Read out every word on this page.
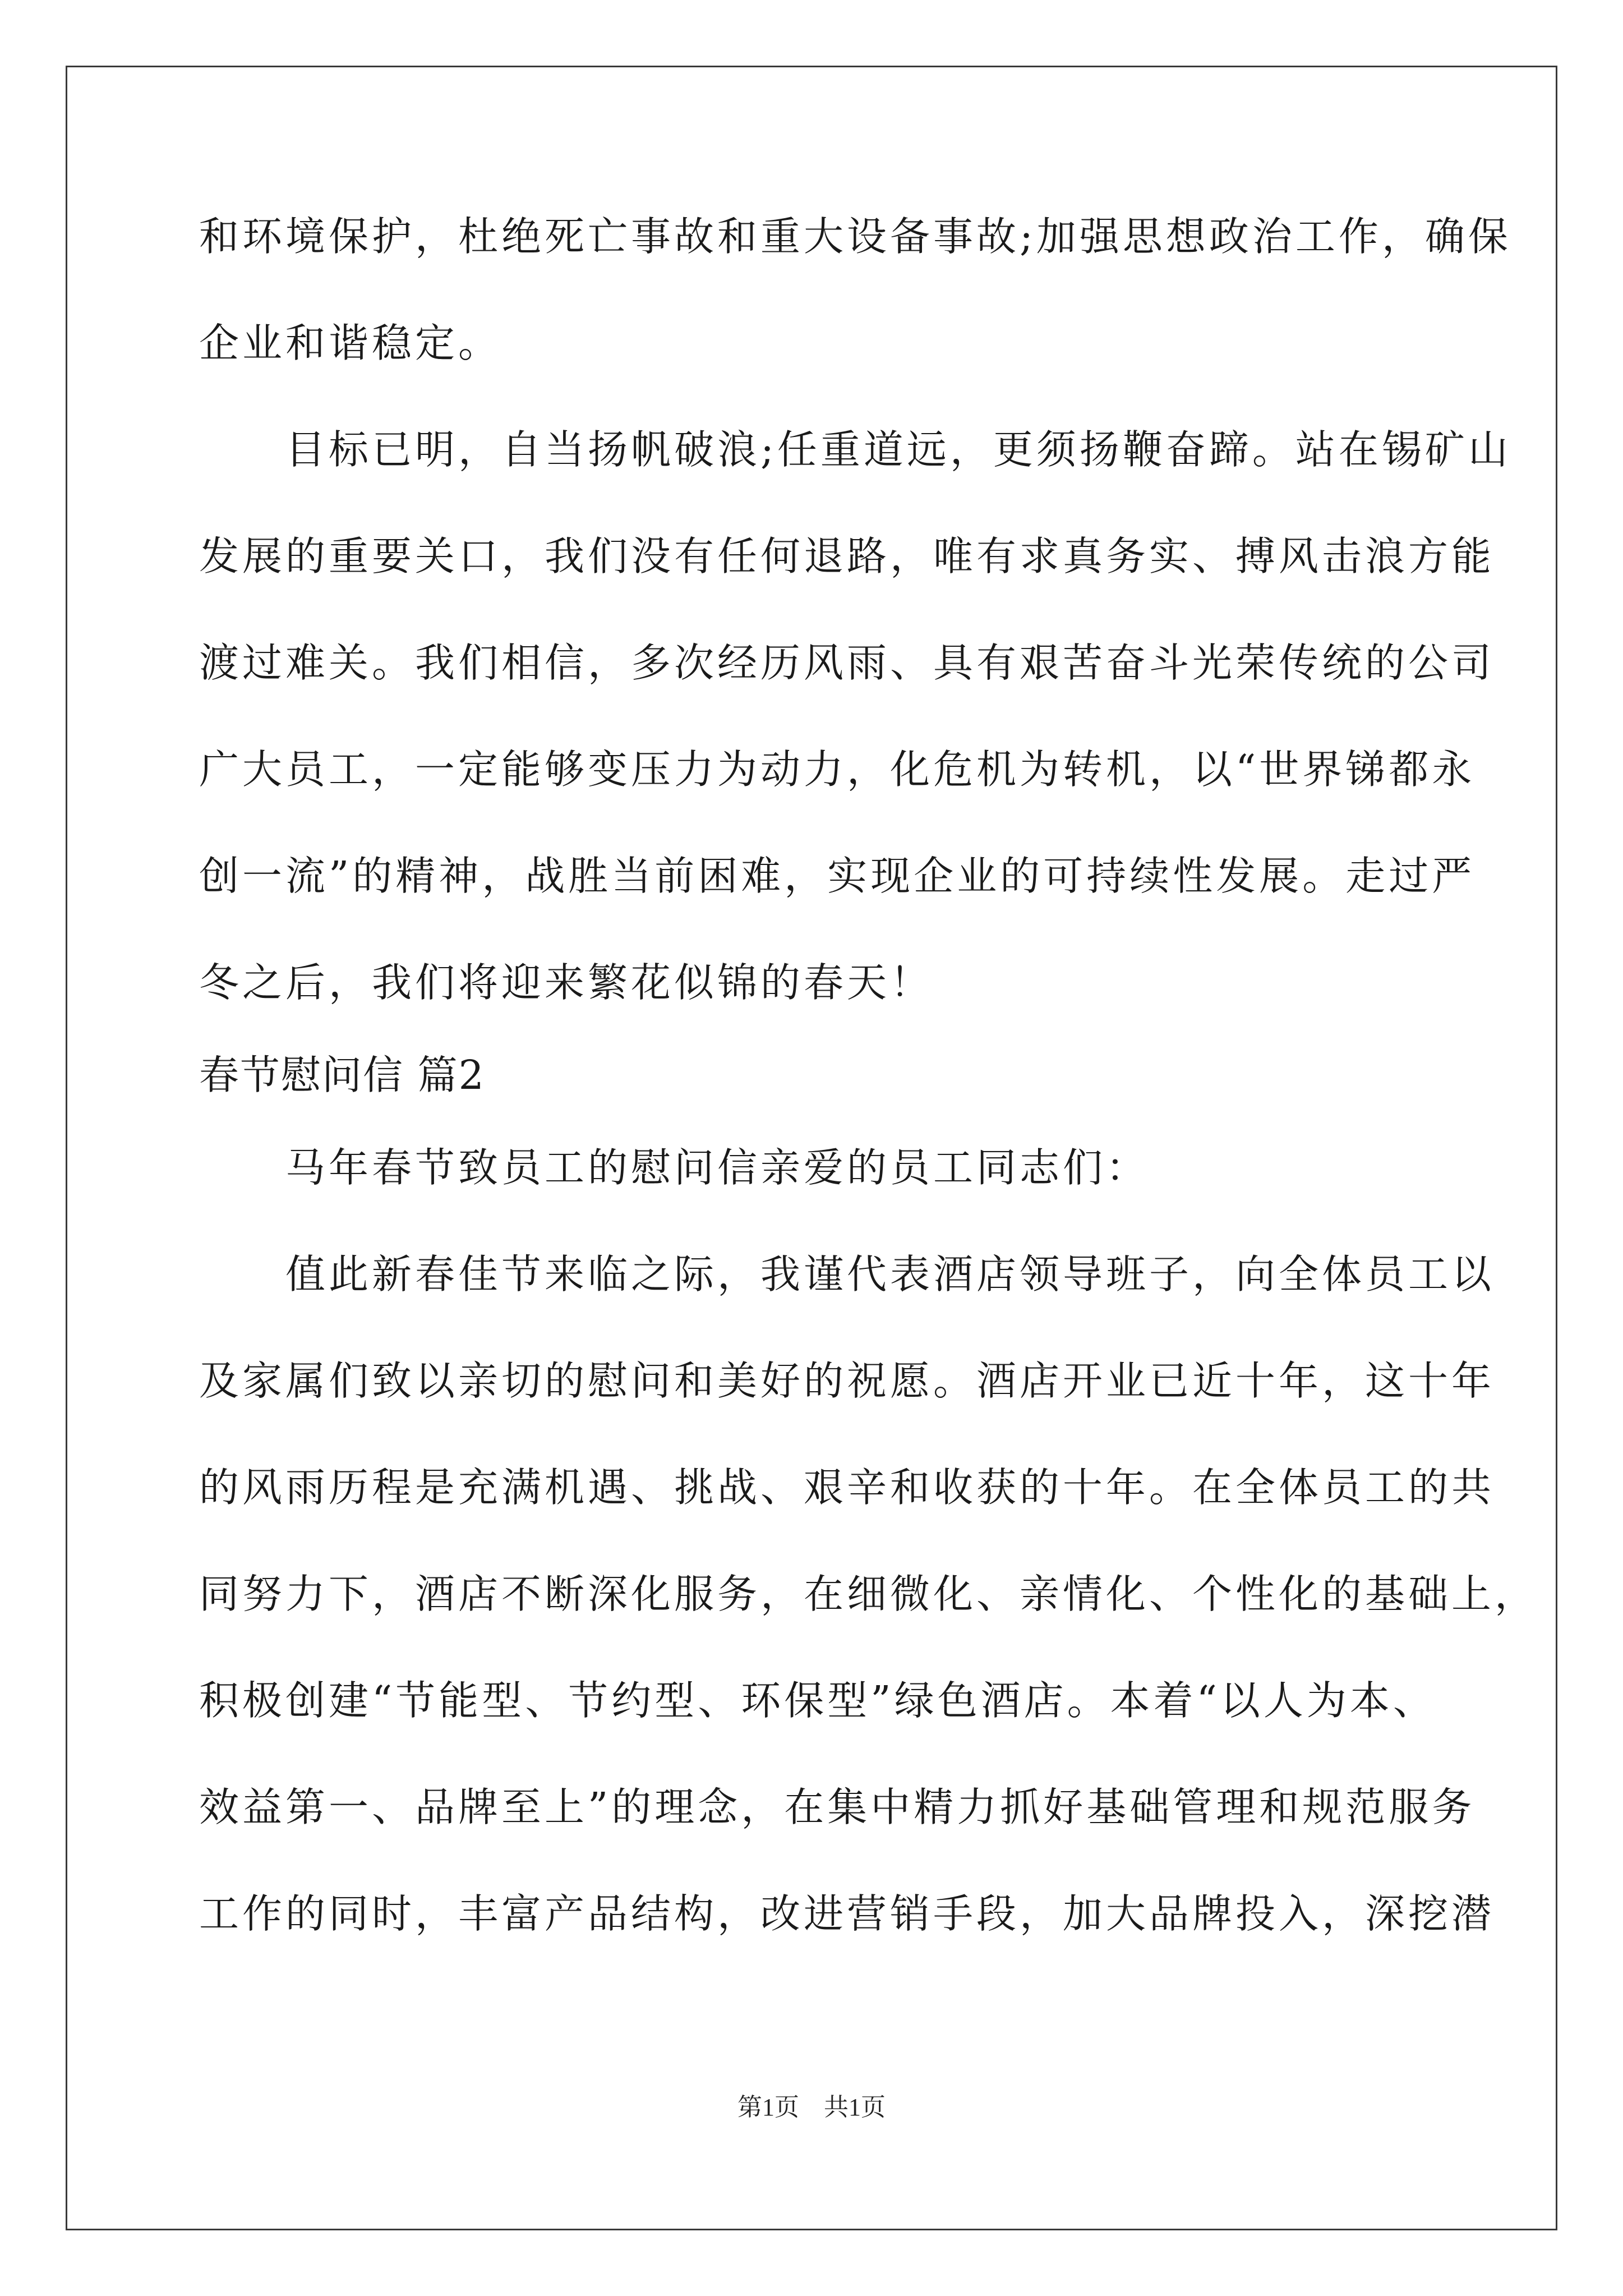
和环境保护，杜绝死亡事故和重大设备事故;加强思想政治工作，确保
企业和谐稳定。
　　目标已明，自当扬帆破浪;任重道远，更须扬鞭奋蹄。站在锡矿山
发展的重要关口，我们没有任何退路，唯有求真务实、搏风击浪方能
渡过难关。我们相信，多次经历风雨、具有艰苦奋斗光荣传统的公司
广大员工，一定能够变压力为动力，化危机为转机，以“世界锑都永
创一流”的精神，战胜当前困难，实现企业的可持续性发展。走过严
冬之后，我们将迎来繁花似锦的春天！
春节慰问信 篇2
　　马年春节致员工的慰问信亲爱的员工同志们：
　　值此新春佳节来临之际，我谨代表酒店领导班子，向全体员工以
及家属们致以亲切的慰问和美好的祝愿。酒店开业已近十年，这十年
的风雨历程是充满机遇、挑战、艰辛和收获的十年。在全体员工的共
同努力下，酒店不断深化服务，在细微化、亲情化、个性化的基础上，
积极创建“节能型、节约型、环保型”绿色酒店。本着“以人为本、
效益第一、品牌至上”的理念，在集中精力抓好基础管理和规范服务
工作的同时，丰富产品结构，改进营销手段，加大品牌投入，深挖潜
第1页　共1页
